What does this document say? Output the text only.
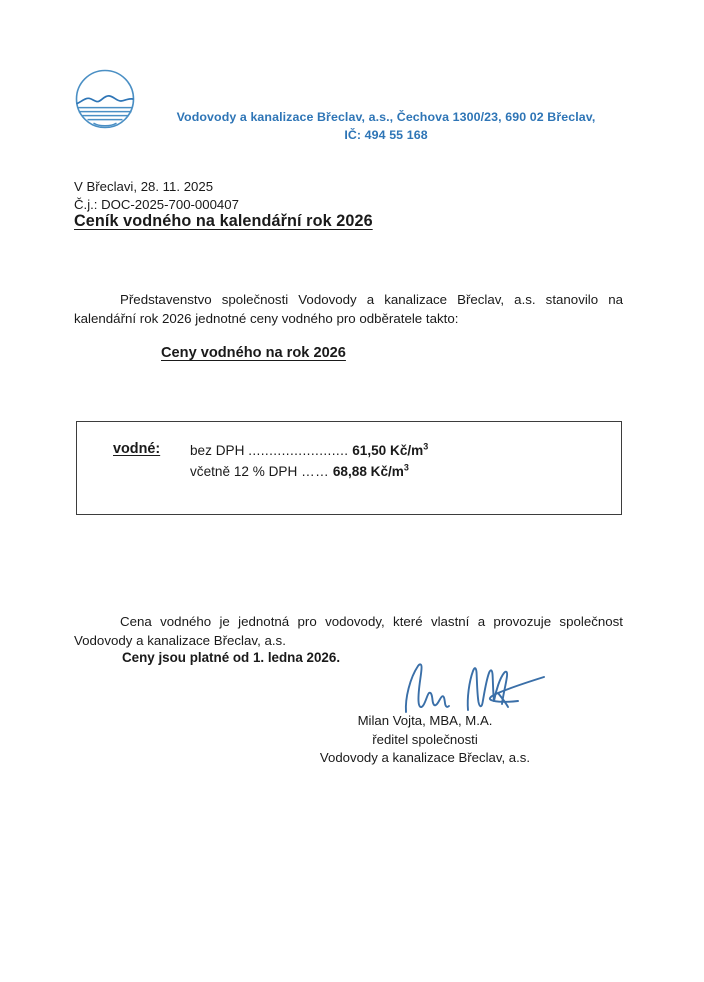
Vodovody a kanalizace Břeclav, a.s., Čechova 1300/23, 690 02 Břeclav,
IČ: 494 55 168
V Břeclavi, 28. 11. 2025
Č.j.: DOC-2025-700-000407
Ceník vodného na kalendářní rok 2026

Představenstvo společnosti Vodovody a kanalizace Břeclav, a.s. stanovilo na kalendářní rok 2026 jednotné ceny vodného pro odběratele takto:

Ceny vodného na rok 2026
vodné: bez DPH ........................ 61,50 $Kč/m^3$
včetně 12 % DPH …… 68,88 $Kč/m^3$

Cena vodného je jednotná pro vodovody, které vlastní a provozuje společnost Vodovody a kanalizace Břeclav, a.s.

Ceny jsou platné od 1. ledna 2026.
Milan Vojta, MBA, M.A.
ředitel společnosti
Vodovody a kanalizace Břeclav, a.s.
